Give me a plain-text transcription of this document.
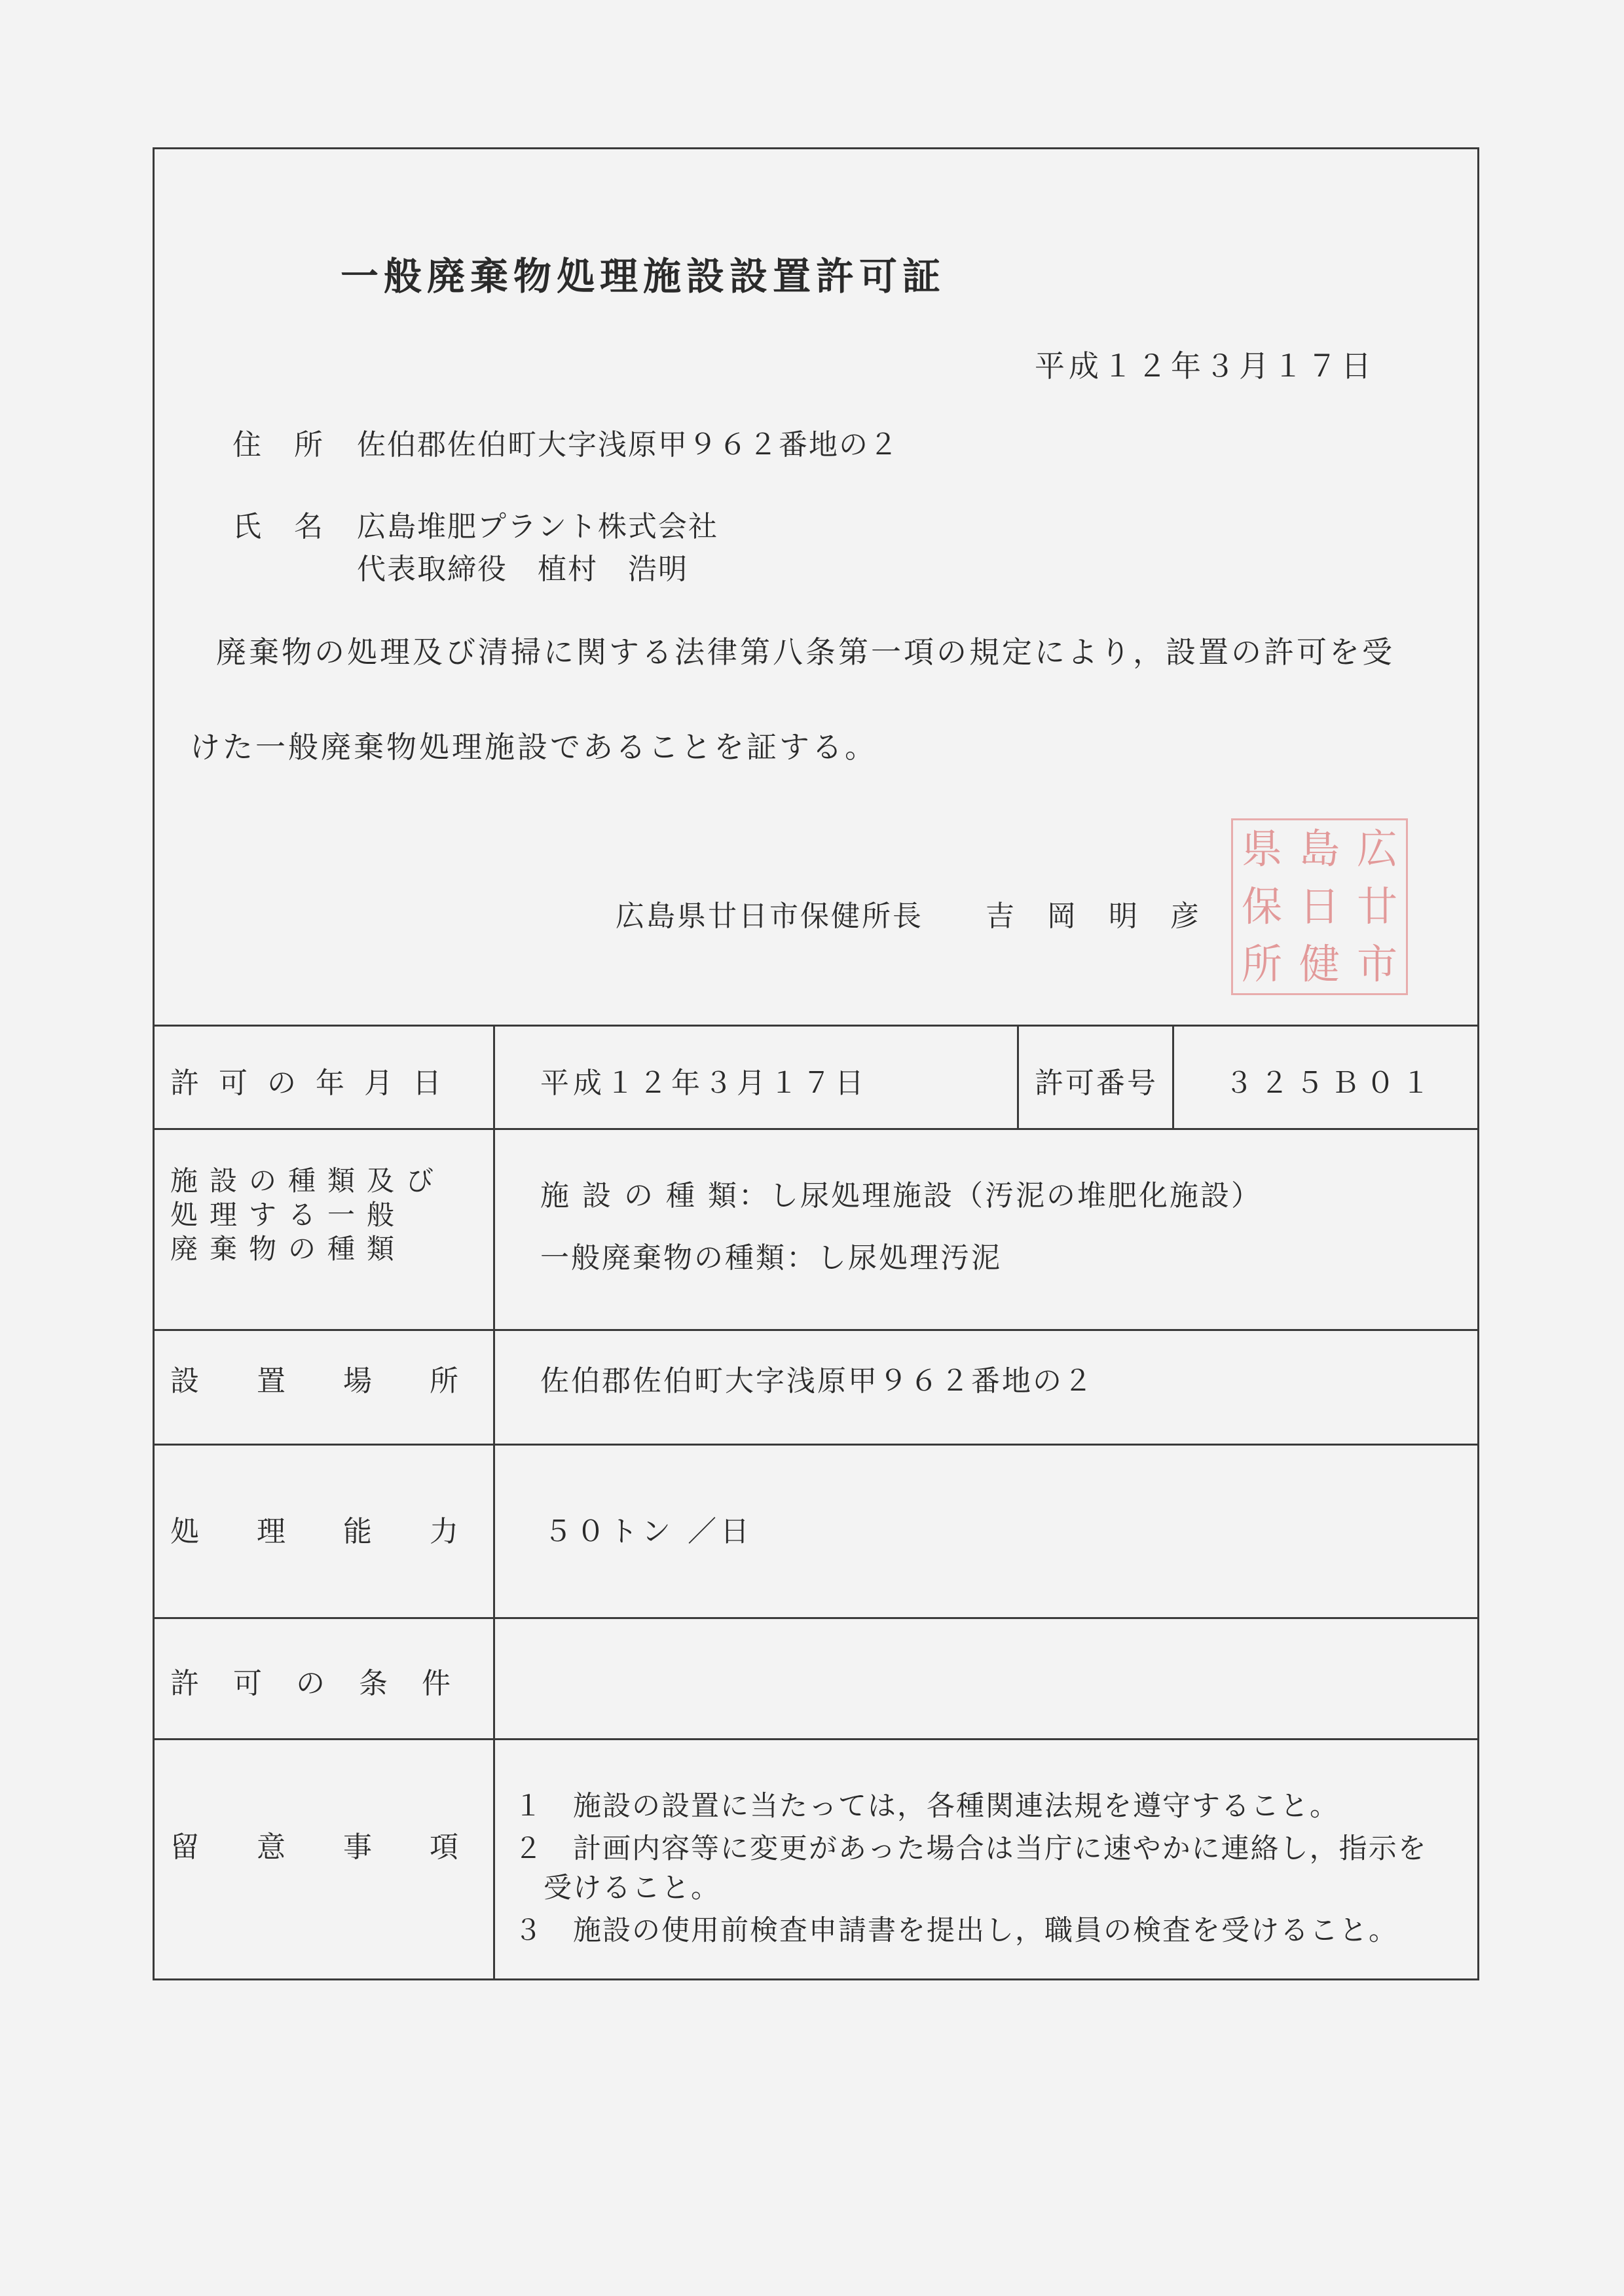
一般廃棄物処理施設設置許可証
平成１２年３月１７日
住所 佐伯郡佐伯町大字浅原甲９６２番地の２
氏名 広島堆肥プラント株式会社
代表取締役　植村　浩明
廃棄物の処理及び清掃に関する法律第八条第一項の規定により，設置の許可を受
けた一般廃棄物処理施設であることを証する。
広島県廿日市保健所長 吉岡明彦
県 島 広
保 日 廿
所 健 市
許可の年月日	平成１２年３月１７日	許可番号 ３２５Ｂ０１
施設の種類及び
処理する一般
廃棄物の種類
施 設 の 種 類：し尿処理施設（汚泥の堆肥化施設）
一般廃棄物の種類：し尿処理汚泥
設置場所 佐伯郡佐伯町大字浅原甲９６２番地の２
処理能力 ５０トン ／日
許可の条件
留意事項
１　施設の設置に当たっては，各種関連法規を遵守すること。
２　計画内容等に変更があった場合は当庁に速やかに連絡し，指示を
　受けること。
３　施設の使用前検査申請書を提出し，職員の検査を受けること。
